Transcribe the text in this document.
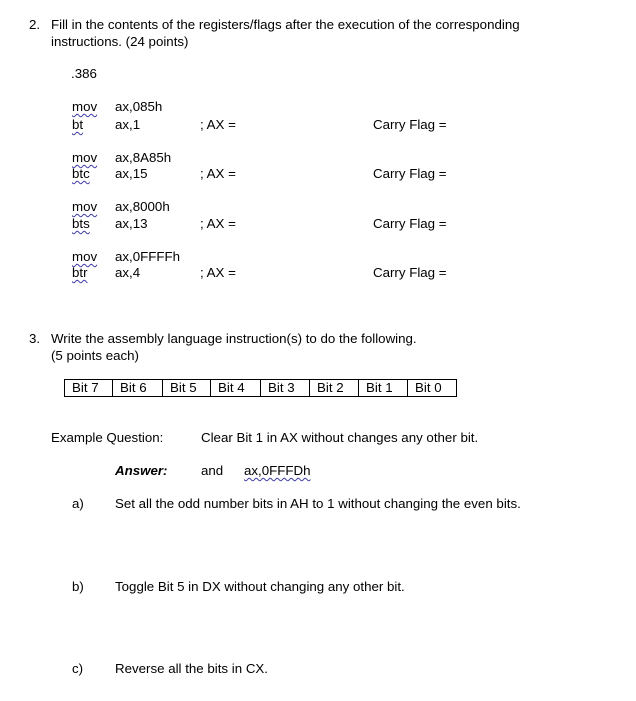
2. Fill in the contents of the registers/flags after the execution of the corresponding
instructions. (24 points)
.386
mov ax,085h
bt ax,1	; AX =	Carry Flag =
mov ax,8A85h
btc ax,15	; AX =	Carry Flag =
mov ax,8000h
bts ax,13	; AX =	Carry Flag =
mov ax,0FFFFh
btr ax,4	; AX =	Carry Flag =
3. Write the assembly language instruction(s) to do the following.
(5 points each)
Bit 7	Bit 6	Bit 5	Bit 4	Bit 3	Bit 2	Bit 1	Bit 0
Example Question:	Clear Bit 1 in AX without changes any other bit.
Answer:	and ax,0FFFDh
a) Set all the odd number bits in AH to 1 without changing the even bits.
b) Toggle Bit 5 in DX without changing any other bit.
c) Reverse all the bits in CX.
